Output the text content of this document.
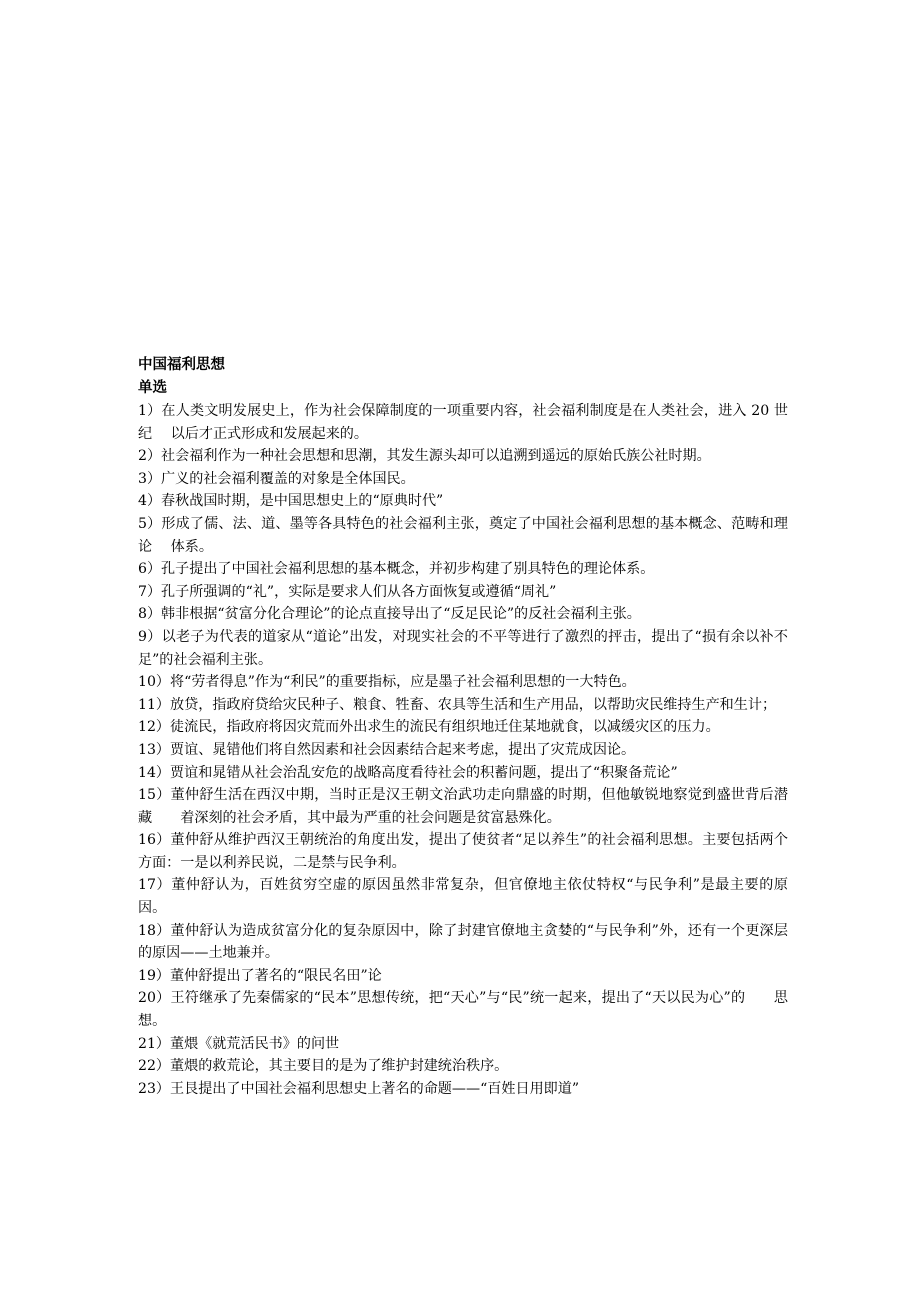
中国福利思想

单选

1）在人类文明发展史上，作为社会保障制度的一项重要内容，社会福利制度是在人类社会，进入 20 世纪　 以后才正式形成和发展起来的。
2）社会福利作为一种社会思想和思潮，其发生源头却可以追溯到遥远的原始氏族公社时期。
3）广义的社会福利覆盖的对象是全体国民。
4）春秋战国时期，是中国思想史上的“原典时代”
5）形成了儒、法、道、墨等各具特色的社会福利主张，奠定了中国社会福利思想的基本概念、范畴和理论　 体系。
6）孔子提出了中国社会福利思想的基本概念，并初步构建了别具特色的理论体系。
7）孔子所强调的“礼”，实际是要求人们从各方面恢复或遵循“周礼”
8）韩非根据“贫富分化合理论”的论点直接导出了“反足民论”的反社会福利主张。
9）以老子为代表的道家从“道论”出发，对现实社会的不平等进行了激烈的抨击，提出了“损有余以补不　 足”的社会福利主张。
10）将“劳者得息”作为“利民”的重要指标，应是墨子社会福利思想的一大特色。
11）放贷，指政府贷给灾民种子、粮食、牲畜、农具等生活和生产用品，以帮助灾民维持生产和生计；
12）徒流民，指政府将因灾荒而外出求生的流民有组织地迁住某地就食，以减缓灾区的压力。
13）贾谊、晁错他们将自然因素和社会因素结合起来考虑，提出了灾荒成因论。
14）贾谊和晁错从社会治乱安危的战略高度看待社会的积蓄问题，提出了“积聚备荒论”
15）董仲舒生活在西汉中期，当时正是汉王朝文治武功走向鼎盛的时期，但他敏锐地察觉到盛世背后潜藏　　着深刻的社会矛盾，其中最为严重的社会问题是贫富悬殊化。
16）董仲舒从维护西汉王朝统治的角度出发，提出了使贫者“足以养生”的社会福利思想。主要包括两个　　方面：一是以利养民说，二是禁与民争利。
17）董仲舒认为，百姓贫穷空虚的原因虽然非常复杂，但官僚地主依仗特权“与民争利”是最主要的原因。
18）董仲舒认为造成贫富分化的复杂原因中，除了封建官僚地主贪婪的“与民争利”外，还有一个更深层　　的原因——土地兼并。
19）董仲舒提出了著名的“限民名田”论
20）王符继承了先秦儒家的“民本”思想传统，把“天心”与“民”统一起来，提出了“天以民为心”的　　思想。
21）董煨《就荒活民书》的问世
22）董煨的救荒论，其主要目的是为了维护封建统治秩序。
23）王艮提出了中国社会福利思想史上著名的命题——“百姓日用即道”
